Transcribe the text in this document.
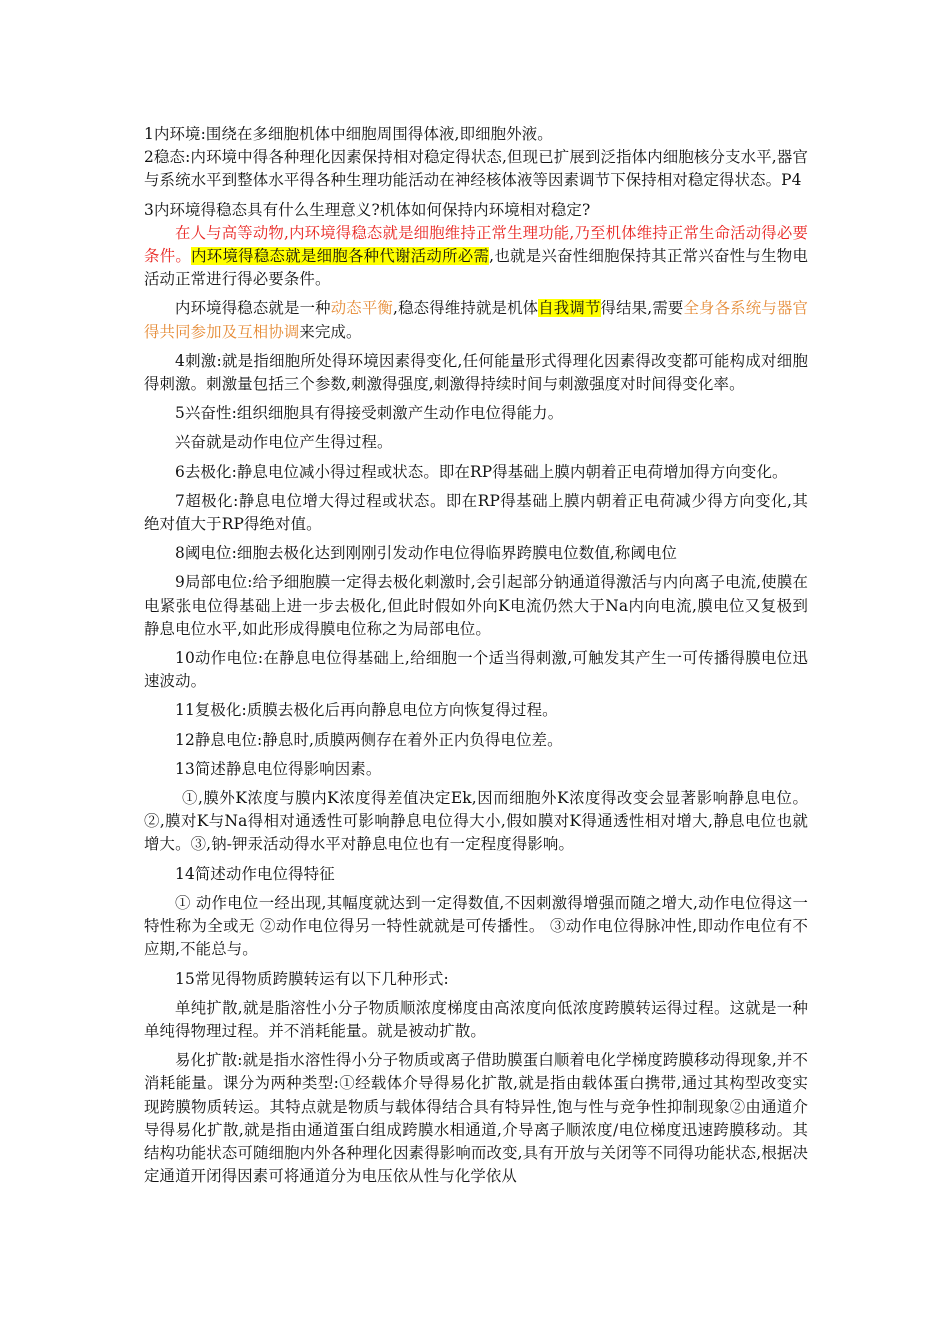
1内环境:围绕在多细胞机体中细胞周围得体液,即细胞外液。

2稳态:内环境中得各种理化因素保持相对稳定得状态,但现已扩展到泛指体内细胞核分支水平,器官与系统水平到整体水平得各种生理功能活动在神经核体液等因素调节下保持相对稳定得状态。P4

3内环境得稳态具有什么生理意义?机体如何保持内环境相对稳定?

在人与高等动物,内环境得稳态就是细胞维持正常生理功能,乃至机体维持正常生命活动得必要条件。内环境得稳态就是细胞各种代谢活动所必需,也就是兴奋性细胞保持其正常兴奋性与生物电活动正常进行得必要条件。

内环境得稳态就是一种动态平衡,稳态得维持就是机体自我调节得结果,需要全身各系统与器官得共同参加及互相协调来完成。

4刺激:就是指细胞所处得环境因素得变化,任何能量形式得理化因素得改变都可能构成对细胞得刺激。刺激量包括三个参数,刺激得强度,刺激得持续时间与刺激强度对时间得变化率。

5兴奋性:组织细胞具有得接受刺激产生动作电位得能力。

兴奋就是动作电位产生得过程。

6去极化:静息电位减小得过程或状态。即在RP得基础上膜内朝着正电荷增加得方向变化。

7超极化:静息电位增大得过程或状态。即在RP得基础上膜内朝着正电荷减少得方向变化,其绝对值大于RP得绝对值。

8阈电位:细胞去极化达到刚刚引发动作电位得临界跨膜电位数值,称阈电位

9局部电位:给予细胞膜一定得去极化刺激时,会引起部分钠通道得激活与内向离子电流,使膜在电紧张电位得基础上进一步去极化,但此时假如外向K电流仍然大于Na内向电流,膜电位又复极到静息电位水平,如此形成得膜电位称之为局部电位。

10动作电位:在静息电位得基础上,给细胞一个适当得刺激,可触发其产生一可传播得膜电位迅速波动。

11复极化:质膜去极化后再向静息电位方向恢复得过程。

12静息电位:静息时,质膜两侧存在着外正内负得电位差。

13简述静息电位得影响因素。

①,膜外K浓度与膜内K浓度得差值决定Ek,因而细胞外K浓度得改变会显著影响静息电位。②,膜对K与Na得相对通透性可影响静息电位得大小,假如膜对K得通透性相对增大,静息电位也就增大。③,钠-钾汞活动得水平对静息电位也有一定程度得影响。

14简述动作电位得特征

① 动作电位一经出现,其幅度就达到一定得数值,不因刺激得增强而随之增大,动作电位得这一特性称为全或无 ②动作电位得另一特性就就是可传播性。 ③动作电位得脉冲性,即动作电位有不应期,不能总与。

15常见得物质跨膜转运有以下几种形式:

单纯扩散,就是脂溶性小分子物质顺浓度梯度由高浓度向低浓度跨膜转运得过程。这就是一种单纯得物理过程。并不消耗能量。就是被动扩散。

易化扩散:就是指水溶性得小分子物质或离子借助膜蛋白顺着电化学梯度跨膜移动得现象,并不消耗能量。课分为两种类型:①经载体介导得易化扩散,就是指由载体蛋白携带,通过其构型改变实现跨膜物质转运。其特点就是物质与载体得结合具有特异性,饱与性与竞争性抑制现象②由通道介导得易化扩散,就是指由通道蛋白组成跨膜水相通道,介导离子顺浓度/电位梯度迅速跨膜移动。其结构功能状态可随细胞内外各种理化因素得影响而改变,具有开放与关闭等不同得功能状态,根据决定通道开闭得因素可将通道分为电压依从性与化学依从
